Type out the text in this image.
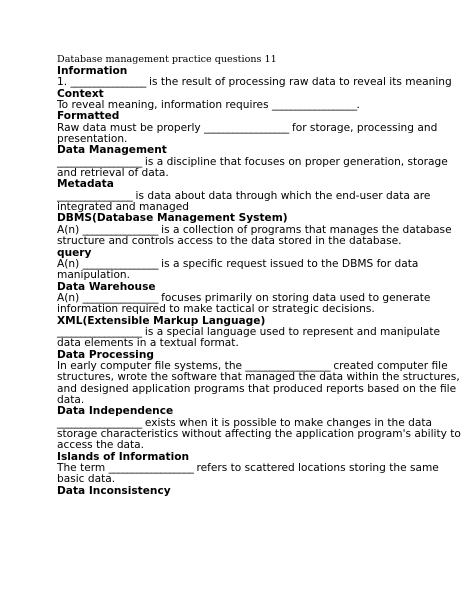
Database management practice questions 11

Information

1. ________________ is the result of processing raw data to reveal its meaning

Context

To reveal meaning, information requires __________________.

Formatted

Raw data must be properly __________________ for storage, processing and presentation.

Data Management

__________________ is a discipline that focuses on proper generation, storage and retrieval of data.

Metadata

________________ is data about data through which the end-user data are integrated and managed

DBMS(Database Management System)

A(n) ________________ is a collection of programs that manages the database structure and controls access to the data stored in the database.

query

A(n) ________________ is a specific request issued to the DBMS for data manipulation.

Data Warehouse

A(n) ________________ focuses primarily on storing data used to generate information required to make tactical or strategic decisions.

XML(Extensible Markup Language)

__________________ is a special language used to represent and manipulate data elements in a textual format.

Data Processing

In early computer file systems, the __________________ created computer file structures, wrote the software that managed the data within the structures, and designed application programs that produced reports based on the file data.

Data Independence

__________________ exists when it is possible to make changes in the data storage characteristics without affecting the application program's ability to access the data.

Islands of Information

The term __________________ refers to scattered locations storing the same basic data.

Data Inconsistency
